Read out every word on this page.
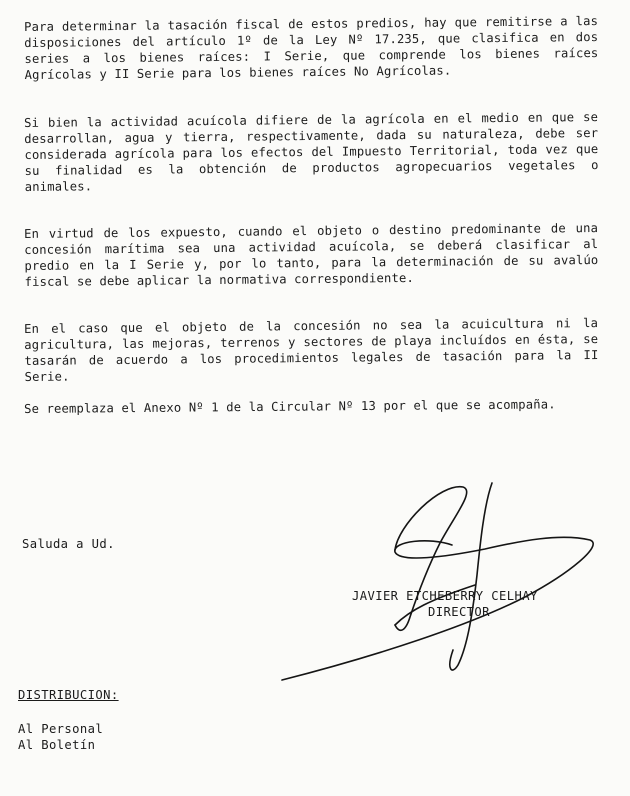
Para determinar la tasación fiscal de estos predios, hay que remitirse a las disposiciones del artículo 1º de la Ley Nº 17.235, que clasifica en dos series a los bienes raíces: I Serie, que comprende los bienes raíces Agrícolas y II Serie para los bienes raíces No Agrícolas.

Si bien la actividad acuícola difiere de la agrícola en el medio en que se desarrollan, agua y tierra, respectivamente, dada su naturaleza, debe ser considerada agrícola para los efectos del Impuesto Territorial, toda vez que su finalidad es la obtención de productos agropecuarios vegetales o animales.

En virtud de los expuesto, cuando el objeto o destino predominante de una concesión marítima sea una actividad acuícola, se deberá clasificar al predio en la I Serie y, por lo tanto, para la determinación de su avalúo fiscal se debe aplicar la normativa correspondiente.

En el caso que el objeto de la concesión no sea la acuicultura ni la agricultura, las mejoras, terrenos y sectores de playa incluídos en ésta, se tasarán de acuerdo a los procedimientos legales de tasación para la II Serie.

Se reemplaza el Anexo Nº 1 de la Circular Nº 13 por el que se acompaña.

Saluda a Ud.
JAVIER ETCHEBERRY CELHAY
DIRECTOR
DISTRIBUCION:
Al Personal
Al Boletín
